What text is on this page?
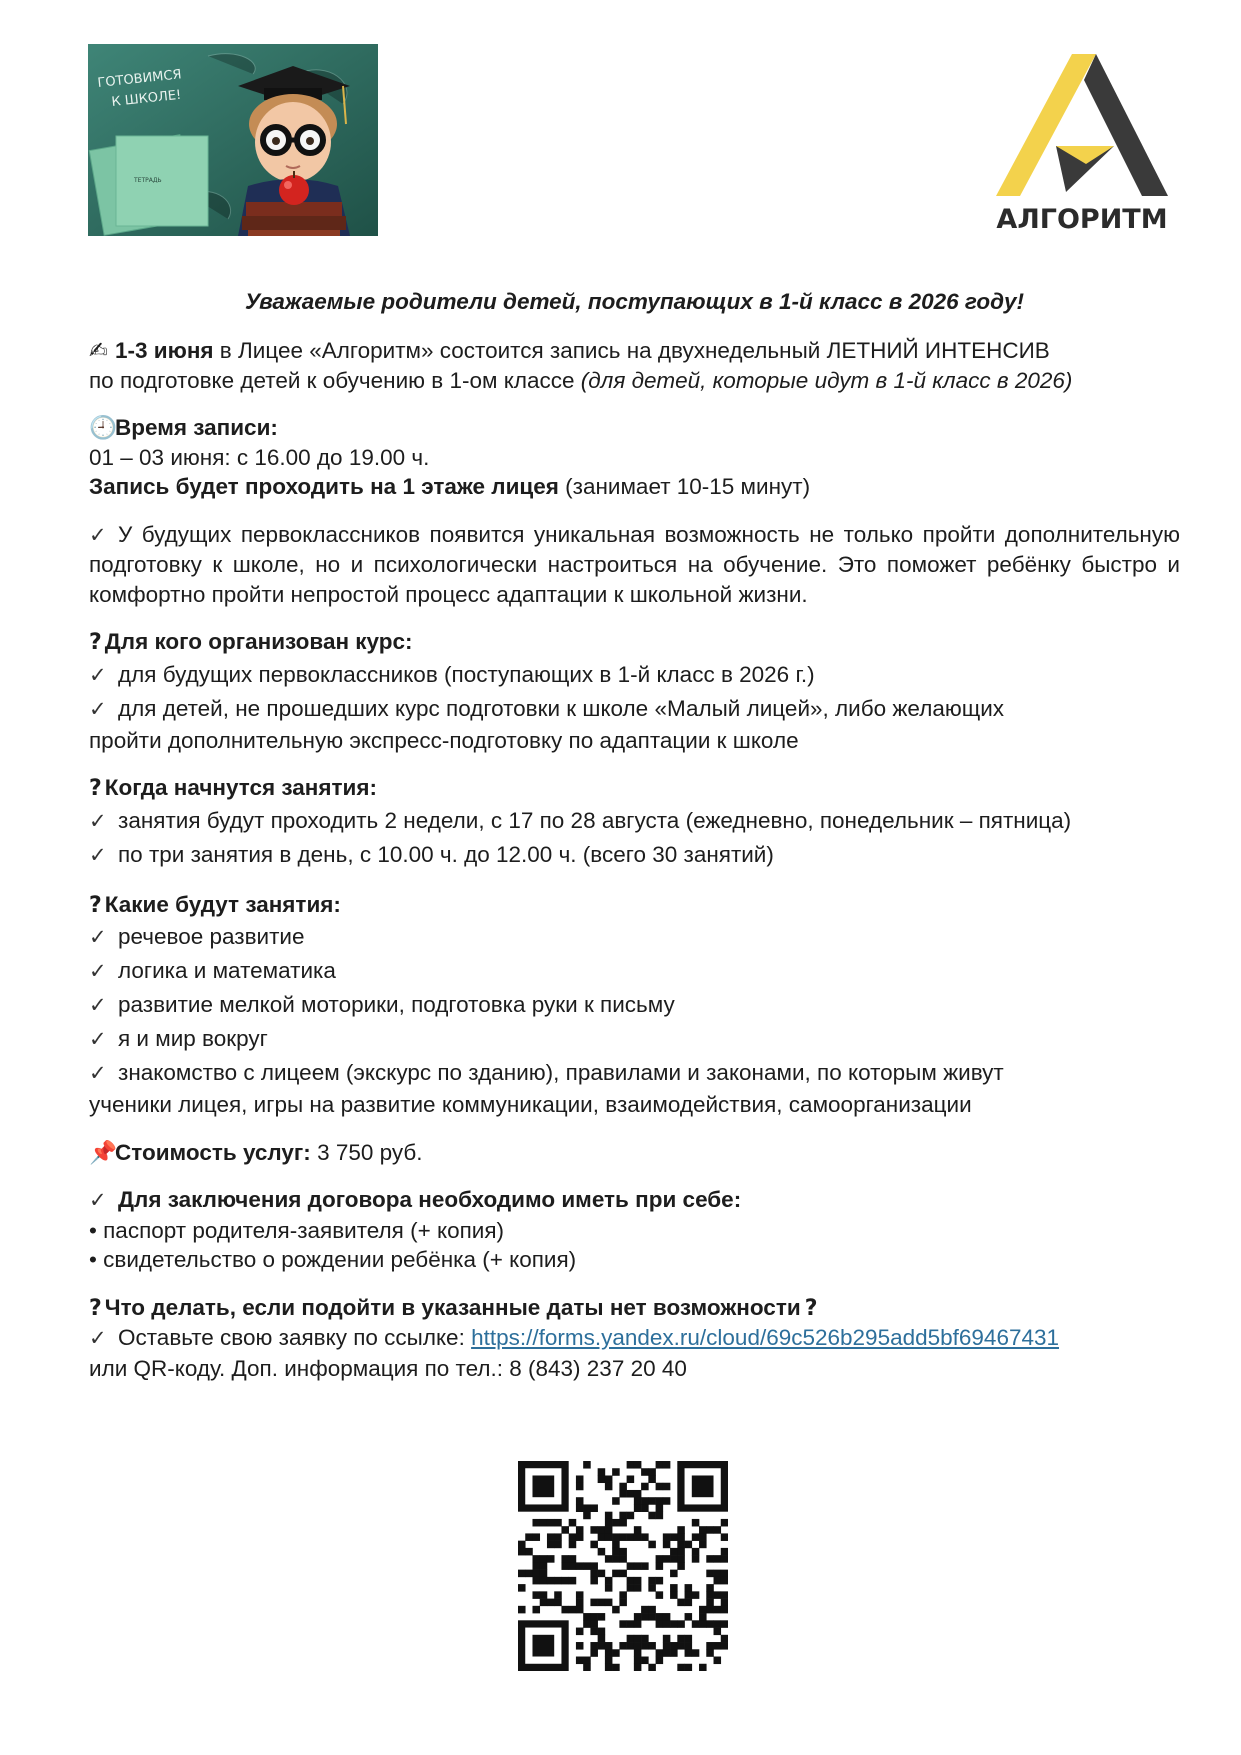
ГОТОВИМСЯ
К ШКОЛЕ!
ТЕТРАДЬ
АЛГОРИТМ
Уважаемые родители детей, поступающих в 1-й класс в 2026 году!

✍ 1-3 июня в Лицее «Алгоритм» состоится запись на двухнедельный ЛЕТНИЙ ИНТЕНСИВ

по подготовке детей к обучению в 1-ом классе (для детей, которые идут в 1-й класс в 2026)

🕘Время записи:

01 – 03 июня: с 16.00 до 19.00 ч.

Запись будет проходить на 1 этаже лицея (занимает 10-15 минут)

✓ У будущих первоклассников появится уникальная возможность не только пройти дополнительную подготовку к школе, но и психологически настроиться на обучение. Это поможет ребёнку быстро и комфортно пройти непростой процесс адаптации к школьной жизни.

? Для кого организован курс:

✓ для будущих первоклассников (поступающих в 1-й класс в 2026 г.)

✓ для детей, не прошедших курс подготовки к школе «Малый лицей», либо желающих

пройти дополнительную экспресс-подготовку по адаптации к школе

? Когда начнутся занятия:

✓ занятия будут проходить 2 недели, с 17 по 28 августа (ежедневно, понедельник – пятница)

✓ по три занятия в день, с 10.00 ч. до 12.00 ч. (всего 30 занятий)

? Какие будут занятия:

✓ речевое развитие

✓ логика и математика

✓ развитие мелкой моторики, подготовка руки к письму

✓ я и мир вокруг

✓ знакомство с лицеем (экскурс по зданию), правилами и законами, по которым живут

ученики лицея, игры на развитие коммуникации, взаимодействия, самоорганизации

📌Стоимость услуг: 3 750 руб.

✓ Для заключения договора необходимо иметь при себе:

• паспорт родителя-заявителя (+ копия)

• свидетельство о рождении ребёнка (+ копия)

? Что делать, если подойти в указанные даты нет возможности ?

✓ Оставьте свою заявку по ссылке: https://forms.yandex.ru/cloud/69c526b295add5bf69467431

или QR-коду. Доп. информация по тел.: 8 (843) 237 20 40
